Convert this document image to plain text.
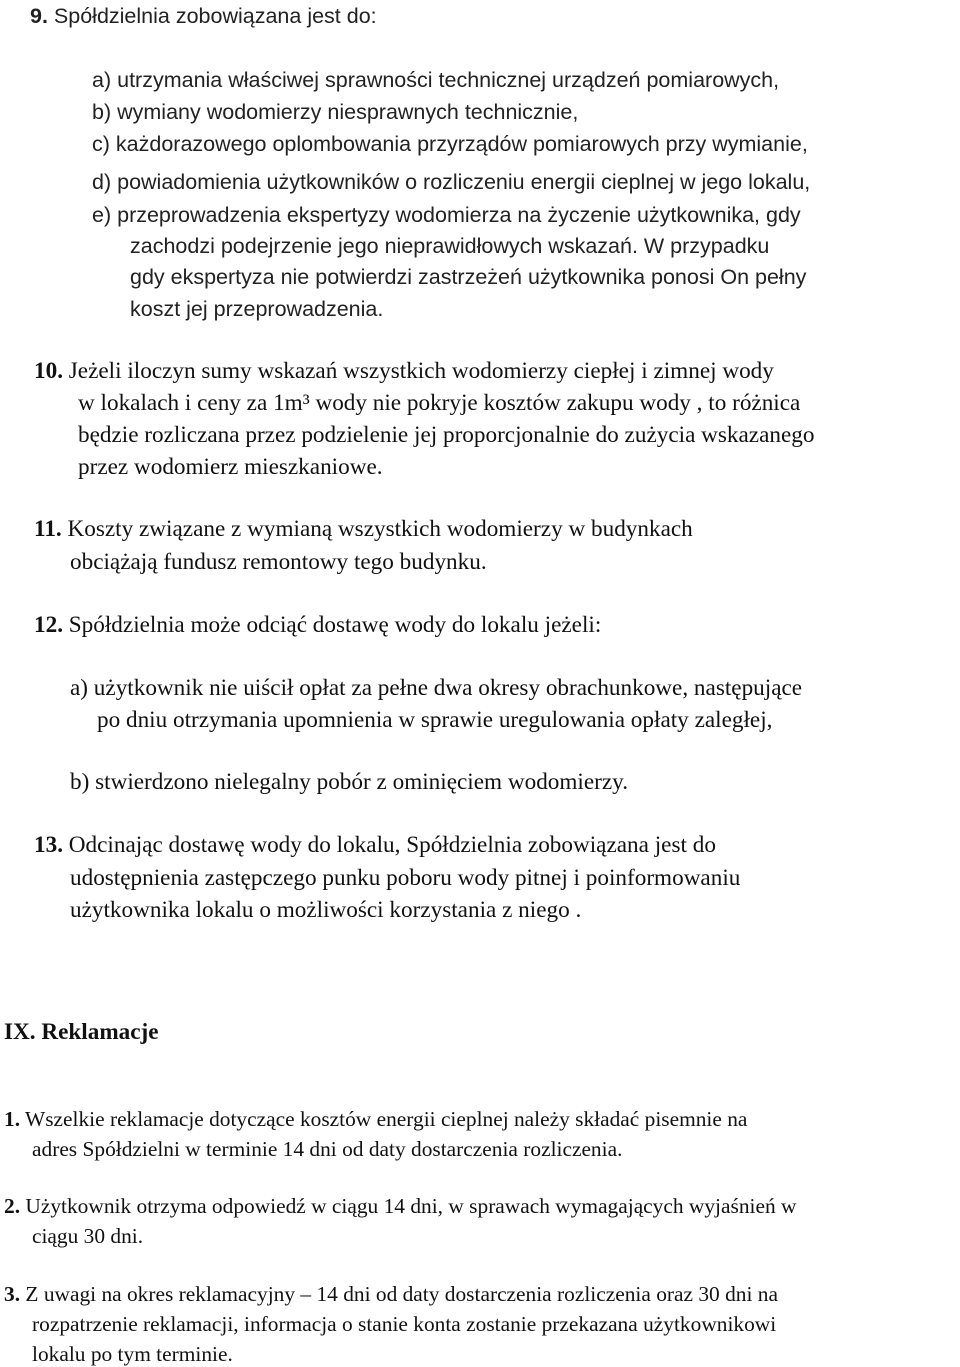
9. Spółdzielnia zobowiązana jest do:
a) utrzymania właściwej sprawności technicznej urządzeń pomiarowych,
b) wymiany wodomierzy niesprawnych technicznie,
c) każdorazowego oplombowania przyrządów pomiarowych przy wymianie,
d) powiadomienia użytkowników o rozliczeniu energii cieplnej w jego lokalu,
e) przeprowadzenia ekspertyzy wodomierza na życzenie użytkownika, gdy
zachodzi podejrzenie jego nieprawidłowych wskazań. W przypadku
gdy ekspertyza nie potwierdzi zastrzeżeń użytkownika ponosi On pełny
koszt jej przeprowadzenia.
10. Jeżeli iloczyn sumy wskazań wszystkich wodomierzy ciepłej i zimnej wody
w lokalach i ceny za 1m³ wody nie pokryje kosztów zakupu wody , to różnica
będzie rozliczana przez podzielenie jej proporcjonalnie do zużycia wskazanego
przez wodomierz mieszkaniowe.
11. Koszty związane z wymianą wszystkich wodomierzy w budynkach
obciążają fundusz remontowy tego budynku.
12. Spółdzielnia może odciąć dostawę wody do lokalu jeżeli:
a) użytkownik nie uiścił opłat za pełne dwa okresy obrachunkowe, następujące
po dniu otrzymania upomnienia w sprawie uregulowania opłaty zaległej,
b) stwierdzono nielegalny pobór z ominięciem wodomierzy.
13. Odcinając dostawę wody do lokalu, Spółdzielnia zobowiązana jest do
udostępnienia zastępczego punku poboru wody pitnej i poinformowaniu
użytkownika lokalu o możliwości korzystania z niego .
IX. Reklamacje
1. Wszelkie reklamacje dotyczące kosztów energii cieplnej należy składać pisemnie na
adres Spółdzielni w terminie 14 dni od daty dostarczenia rozliczenia.
2. Użytkownik otrzyma odpowiedź w ciągu 14 dni, w sprawach wymagających wyjaśnień w
ciągu 30 dni.
3. Z uwagi na okres reklamacyjny – 14 dni od daty dostarczenia rozliczenia oraz 30 dni na
rozpatrzenie reklamacji, informacja o stanie konta zostanie przekazana użytkownikowi
lokalu po tym terminie.
